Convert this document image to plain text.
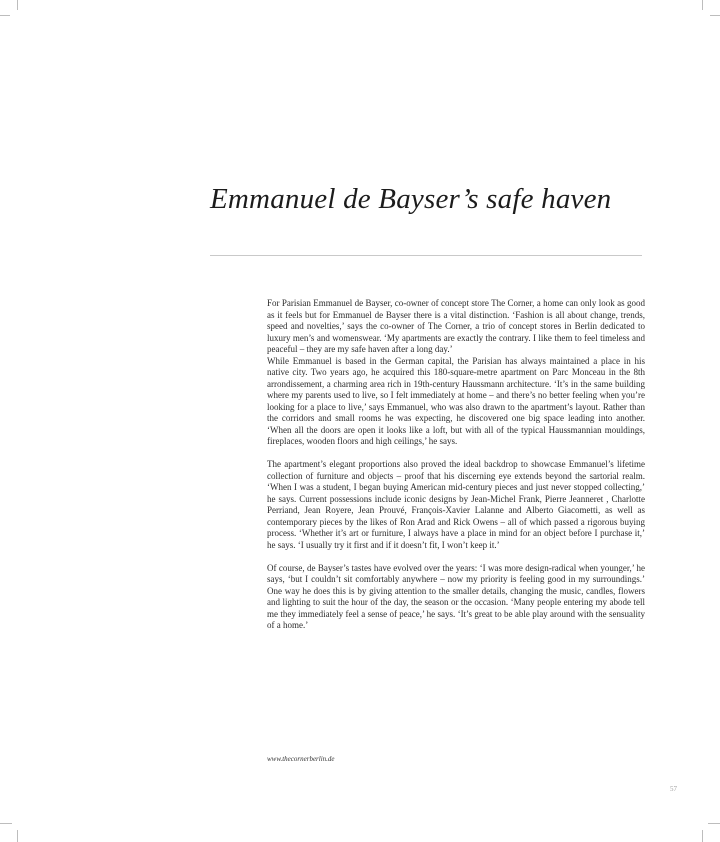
Emmanuel de Bayser’s safe haven

For Parisian Emmanuel de Bayser, co-owner of concept store The Corner, a home can only look as good as it feels but for Emmanuel de Bayser there is a vital distinction. ‘Fashion is all about change, trends, speed and novelties,’ says the co-owner of The Corner, a trio of concept stores in Berlin dedicated to luxury men’s and womenswear. ‘My apartments are exactly the contrary. I like them to feel timeless and peaceful – they are my safe haven after a long day.’

While Emmanuel is based in the German capital, the Parisian has always maintained a place in his native city. Two years ago, he acquired this 180-square-metre apartment on Parc Monceau in the 8th arrondissement, a charming area rich in 19th-century Haussmann architecture. ‘It’s in the same building where my parents used to live, so I felt immediately at home – and there’s no better feeling when you’re looking for a place to live,’ says Emmanuel, who was also drawn to the apartment’s layout. Rather than the corridors and small rooms he was expecting, he discovered one big space leading into another. ‘When all the doors are open it looks like a loft, but with all of the typical Haussmannian mouldings, fireplaces, wooden floors and high ceilings,’ he says.

The apartment’s elegant proportions also proved the ideal backdrop to showcase Emmanuel’s lifetime collection of furniture and objects – proof that his discerning eye extends beyond the sartorial realm. ‘When I was a student, I began buying American mid-century pieces and just never stopped collecting,’ he says. Current possessions include iconic designs by Jean-Michel Frank, Pierre Jeanneret , Charlotte Perriand, Jean Royere, Jean Prouvé, François-Xavier Lalanne and Alberto Giacometti, as well as contemporary pieces by the likes of Ron Arad and Rick Owens – all of which passed a rigorous buying process. ‘Whether it’s art or furniture, I always have a place in mind for an object before I purchase it,’ he says. ‘I usually try it first and if it doesn’t fit, I won’t keep it.’

Of course, de Bayser’s tastes have evolved over the years: ‘I was more design-radical when younger,’ he says, ‘but I couldn’t sit comfortably anywhere – now my priority is feeling good in my surroundings.’ One way he does this is by giving attention to the smaller details, changing the music, candles, flowers and lighting to suit the hour of the day, the season or the occasion. ‘Many people entering my abode tell me they immediately feel a sense of peace,’ he says. ‘It’s great to be able play around with the sensuality of a home.’

www.thecornerberlin.de
57
